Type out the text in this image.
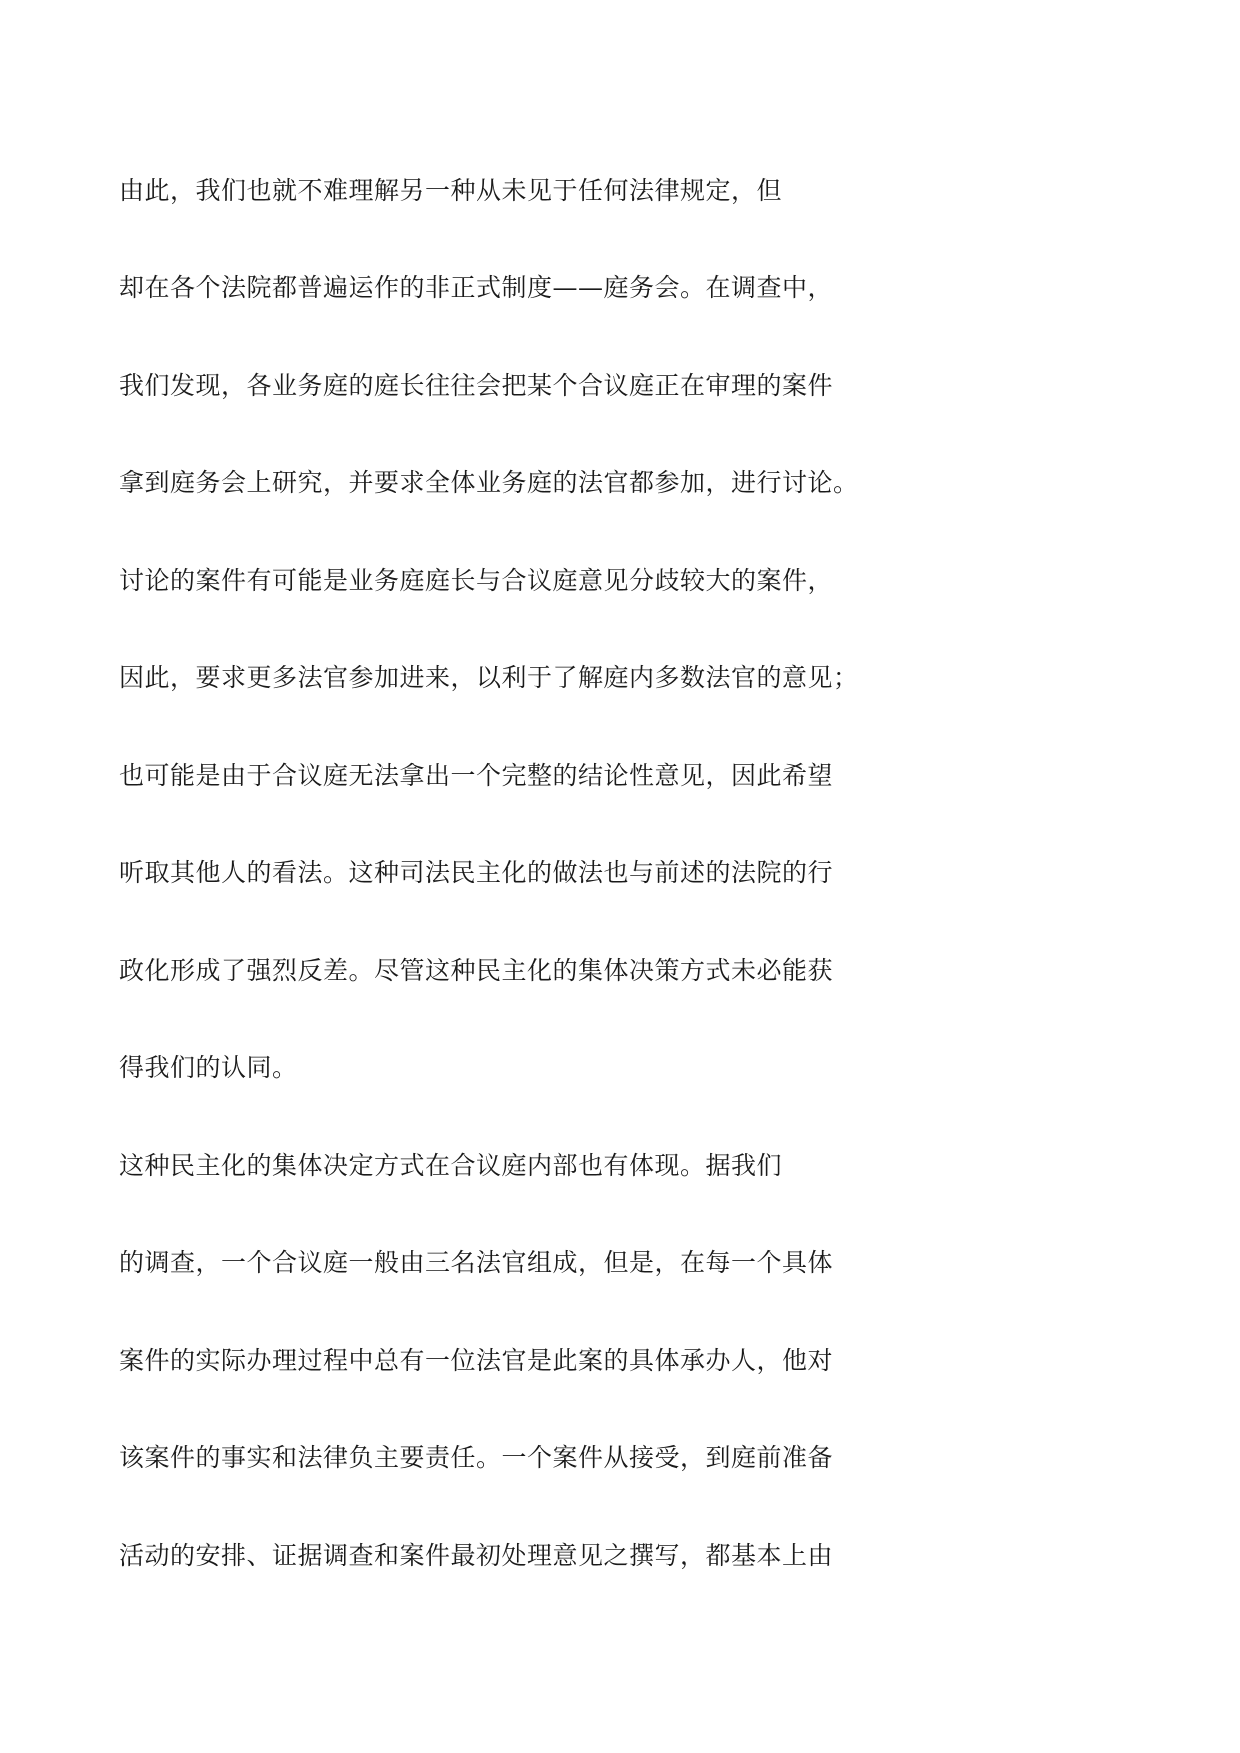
由此，我们也就不难理解另一种从未见于任何法律规定，但

却在各个法院都普遍运作的非正式制度——庭务会。在调查中，

我们发现，各业务庭的庭长往往会把某个合议庭正在审理的案件

拿到庭务会上研究，并要求全体业务庭的法官都参加，进行讨论。

讨论的案件有可能是业务庭庭长与合议庭意见分歧较大的案件，

因此，要求更多法官参加进来，以利于了解庭内多数法官的意见；

也可能是由于合议庭无法拿出一个完整的结论性意见，因此希望

听取其他人的看法。这种司法民主化的做法也与前述的法院的行

政化形成了强烈反差。尽管这种民主化的集体决策方式未必能获

得我们的认同。

这种民主化的集体决定方式在合议庭内部也有体现。据我们

的调查，一个合议庭一般由三名法官组成，但是，在每一个具体

案件的实际办理过程中总有一位法官是此案的具体承办人，他对

该案件的事实和法律负主要责任。一个案件从接受，到庭前准备

活动的安排、证据调查和案件最初处理意见之撰写，都基本上由
